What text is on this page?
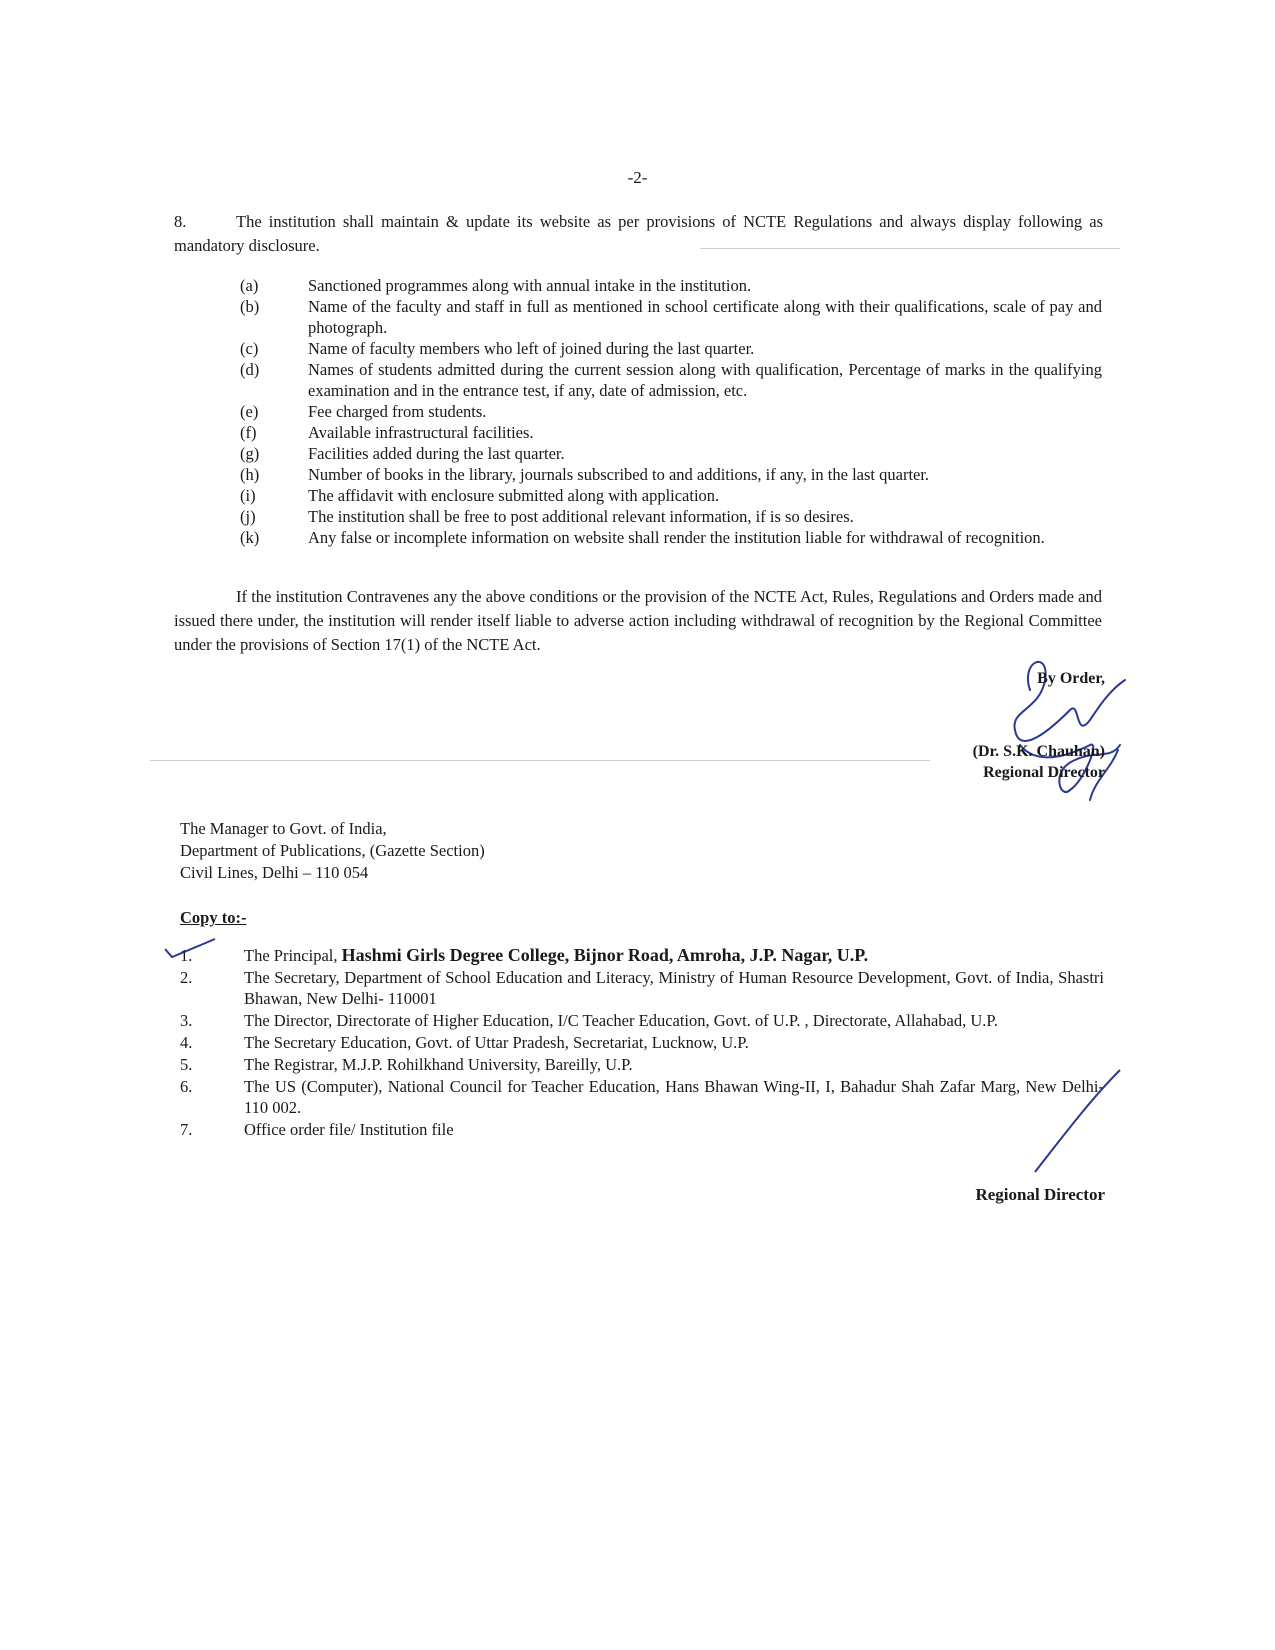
-2-
8.	The institution shall maintain & update its website as per provisions of NCTE Regulations and always display following as mandatory disclosure.
(a)	Sanctioned programmes along with annual intake in the institution.
(b)	Name of the faculty and staff in full as mentioned in school certificate along with their qualifications, scale of pay and photograph.
(c)	Name of faculty members who left of joined during the last quarter.
(d)	Names of students admitted during the current session along with qualification, Percentage of marks in the qualifying examination and in the entrance test, if any, date of admission, etc.
(e)	Fee charged from students.
(f)	Available infrastructural facilities.
(g)	Facilities added during the last quarter.
(h)	Number of books in the library, journals subscribed to and additions, if any, in the last quarter.
(i)	The affidavit with enclosure submitted along with application.
(j)	The institution shall be free to post additional relevant information, if is so desires.
(k)	Any false or incomplete information on website shall render the institution liable for withdrawal of recognition.
If the institution Contravenes any the above conditions or the provision of the NCTE Act, Rules, Regulations and Orders made and issued there under, the institution will render itself liable to adverse action including withdrawal of recognition by the Regional Committee under the provisions of Section 17(1) of the NCTE Act.
By Order,
(Dr. S.K. Chauhan)
Regional Director
The Manager to Govt. of India,
Department of Publications, (Gazette Section)
Civil Lines, Delhi – 110 054
Copy to:-
1.	The Principal, Hashmi Girls Degree College, Bijnor Road, Amroha, J.P. Nagar, U.P.
2.	The Secretary, Department of School Education and Literacy, Ministry of Human Resource Development, Govt. of India, Shastri Bhawan, New Delhi- 110001
3.	The Director, Directorate of Higher Education, I/C Teacher Education, Govt. of U.P. , Directorate, Allahabad, U.P.
4.	The Secretary Education, Govt. of Uttar Pradesh, Secretariat, Lucknow, U.P.
5.	The Registrar, M.J.P. Rohilkhand University, Bareilly, U.P.
6.	The US (Computer), National Council for Teacher Education, Hans Bhawan Wing-II, I, Bahadur Shah Zafar Marg, New Delhi- 110 002.
7.	Office order file/ Institution file
Regional Director
